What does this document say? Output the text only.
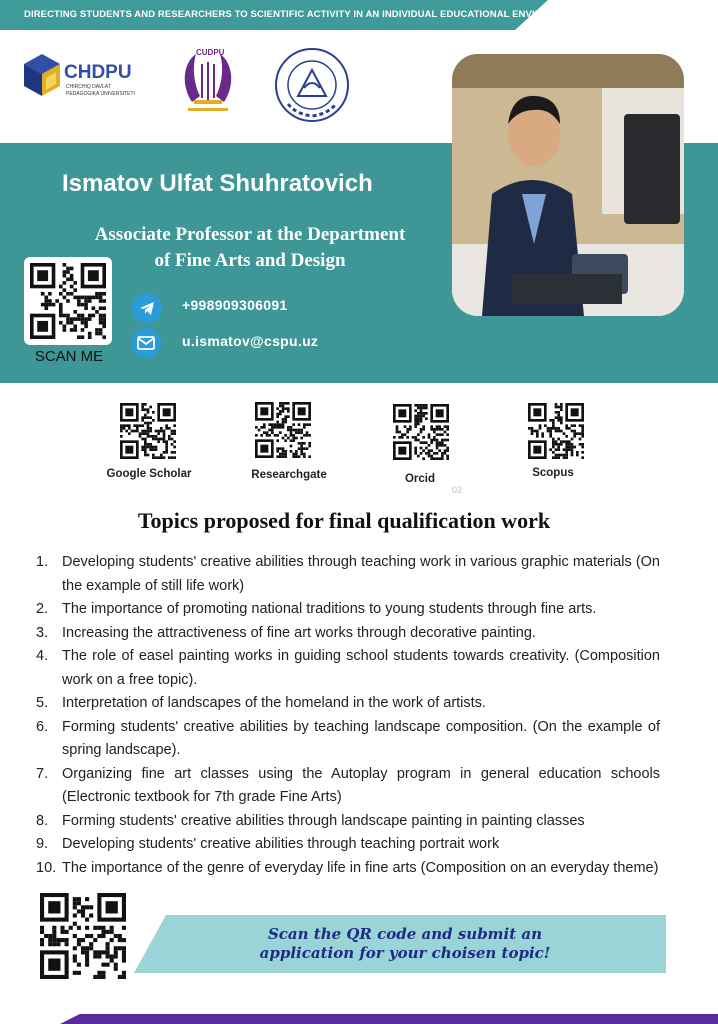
DIRECTING STUDENTS AND RESEARCHERS TO SCIENTIFIC ACTIVITY IN AN INDIVIDUAL EDUCATIONAL ENVIRONMENT
CHDPU
CHIRCHIQ DAVLAT
PEDAGOGIKA UNIVERSITETI
CUDPU
Ismatov Ulfat Shuhratovich
Associate Professor at the Department
of Fine Arts and Design
SCAN ME
+998909306091
u.ismatov@cspu.uz
Google Scholar	Researchgate	Orcid	Scopus
02
Topics proposed for final qualification work
1. Developing students' creative abilities through teaching work in various graphic materials (On the example of still life work)
2. The importance of promoting national traditions to young students through fine arts.
3. Increasing the attractiveness of fine art works through decorative painting.
4. The role of easel painting works in guiding school students towards creativity. (Composition work on a free topic).
5. Interpretation of landscapes of the homeland in the work of artists.
6. Forming students' creative abilities by teaching landscape composition. (On the example of spring landscape).
7. Organizing fine art classes using the Autoplay program in general education schools (Electronic textbook for 7th grade Fine Arts)
8. Forming students' creative abilities through landscape painting in painting classes
9. Developing students' creative abilities through teaching portrait work
10. The importance of the genre of everyday life in fine arts (Composition on an everyday theme)
Scan the QR code and submit an
application for your choisen topic!
